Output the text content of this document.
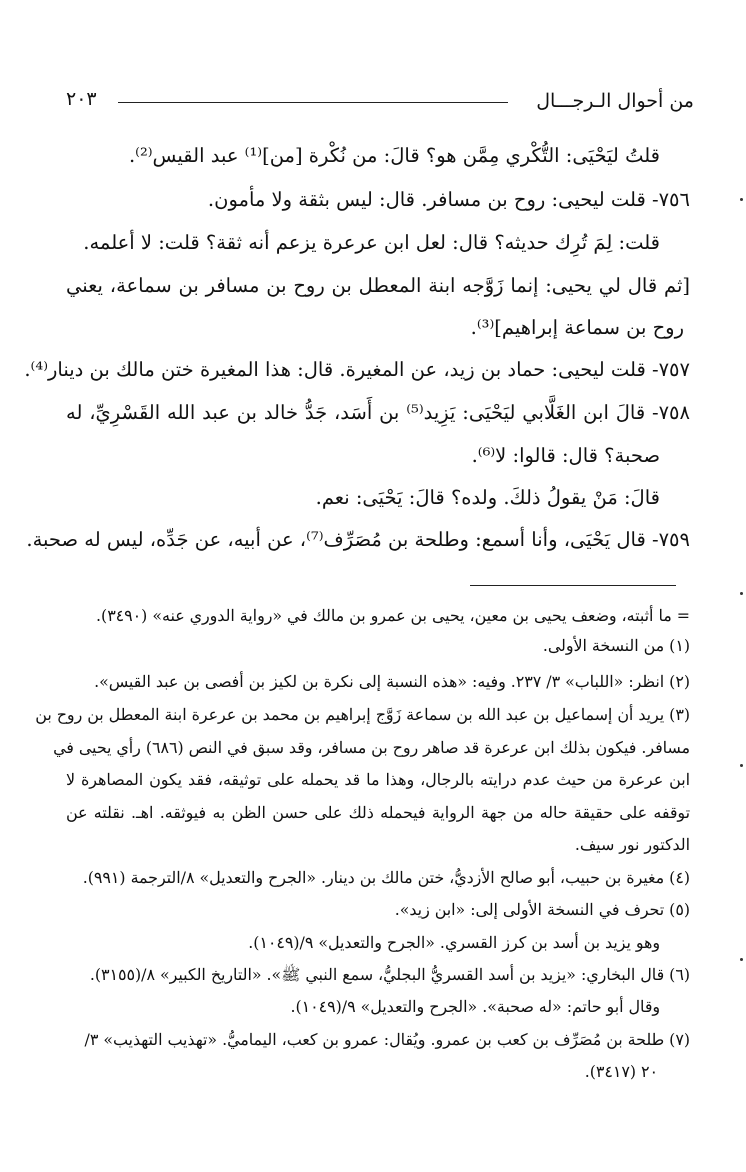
من أحوال الـرجـــال
٢٠٣
قلتُ ليَحْيَى: التُّكْري مِمَّن هو؟ قالَ: من نُكْرة [من]⁽¹⁾ عبد القيس⁽²⁾.
٧٥٦- قلت ليحيى: روح بن مسافر. قال: ليس بثقة ولا مأمون.
قلت: لِمَ تُرِك حديثه؟ قال: لعل ابن عرعرة يزعم أنه ثقة؟ قلت: لا أعلمه.
[ثم قال لي يحيى: إنما زَوَّجه ابنة المعطل بن روح بن مسافر بن سماعة، يعني
روح بن سماعة إبراهيم]⁽³⁾.
٧٥٧- قلت ليحيى: حماد بن زيد، عن المغيرة. قال: هذا المغيرة ختن مالك بن دينار⁽⁴⁾.
٧٥٨- قالَ ابن الغَلَّابي ليَحْيَى: يَزِيد⁽⁵⁾ بن أَسَد، جَدُّ خالد بن عبد الله القَسْرِيِّ، له
صحبة؟ قال: قالوا: لا⁽⁶⁾.
قالَ: مَنْ يقولُ ذلكَ. ولده؟ قالَ: يَحْيَى: نعم.
٧٥٩- قال يَحْيَى، وأنا أسمع: وطلحة بن مُصَرِّف⁽⁷⁾، عن أبيه، عن جَدِّه، ليس له صحبة.
= ما أثبته، وضعف يحيى بن معين، يحيى بن عمرو بن مالك في «رواية الدوري عنه» (٣٤٩٠).
(١) من النسخة الأولى.
(٢) انظر: «اللباب» ٣/ ٢٣٧. وفيه: «هذه النسبة إلى نكرة بن لكيز بن أفصى بن عبد القيس».
(٣) يريد أن إسماعيل بن عبد الله بن سماعة زَوَّج إبراهيم بن محمد بن عرعرة ابنة المعطل بن روح بن
مسافر. فيكون بذلك ابن عرعرة قد صاهر روح بن مسافر، وقد سبق في النص (٦٨٦) رأي يحيى في
ابن عرعرة من حيث عدم درايته بالرجال، وهذا ما قد يحمله على توثيقه، فقد يكون المصاهرة لا
توقفه على حقيقة حاله من جهة الرواية فيحمله ذلك على حسن الظن به فيوثقه. اهـ. نقلته عن
الدكتور نور سيف.
(٤) مغيرة بن حبيب، أبو صالح الأزديُّ، ختن مالك بن دينار. «الجرح والتعديل» ٨/الترجمة (٩٩١).
(٥) تحرف في النسخة الأولى إلى: «ابن زيد».
وهو يزيد بن أسد بن كرز القسري. «الجرح والتعديل» ٩/(١٠٤٩).
(٦) قال البخاري: «يزيد بن أسد القسريُّ البجليُّ، سمع النبي ﷺ». «التاريخ الكبير» ٨/(٣١٥٥).
وقال أبو حاتم: «له صحبة». «الجرح والتعديل» ٩/(١٠٤٩).
(٧) طلحة بن مُصَرِّف بن كعب بن عمرو. ويُقال: عمرو بن كعب، اليماميُّ. «تهذيب التهذيب» ٣/
٢٠ (٣٤١٧).
